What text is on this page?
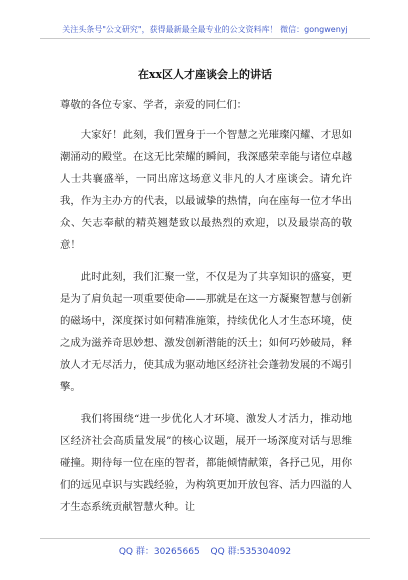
关注头条号"公文研究"，获得最新最全最专业的公文资料库！ 微信：gongwenyj
在xx区人才座谈会上的讲话

尊敬的各位专家、学者，亲爱的同仁们：

大家好！此刻，我们置身于一个智慧之光璀璨闪耀、才思如潮涌动的殿堂。在这无比荣耀的瞬间，我深感荣幸能与诸位卓越人士共襄盛举，一同出席这场意义非凡的人才座谈会。请允许我，作为主办方的代表，以最诚挚的热情，向在座每一位才华出众、矢志奉献的精英翘楚致以最热烈的欢迎，以及最崇高的敬意！

此时此刻，我们汇聚一堂，不仅是为了共享知识的盛宴，更是为了肩负起一项重要使命——那就是在这一方凝聚智慧与创新的磁场中，深度探讨如何精准施策，持续优化人才生态环境，使之成为滋养奇思妙想、激发创新潜能的沃土；如何巧妙破局，释放人才无尽活力，使其成为驱动地区经济社会蓬勃发展的不竭引擎。

我们将围绕“进一步优化人才环境、激发人才活力，推动地区经济社会高质量发展”的核心议题，展开一场深度对话与思维碰撞。期待每一位在座的智者，都能倾情献策，各抒己见，用你们的远见卓识与实践经验，为构筑更加开放包容、活力四溢的人才生态系统贡献智慧火种。让

QQ 群：30265665 QQ 群:535304092
